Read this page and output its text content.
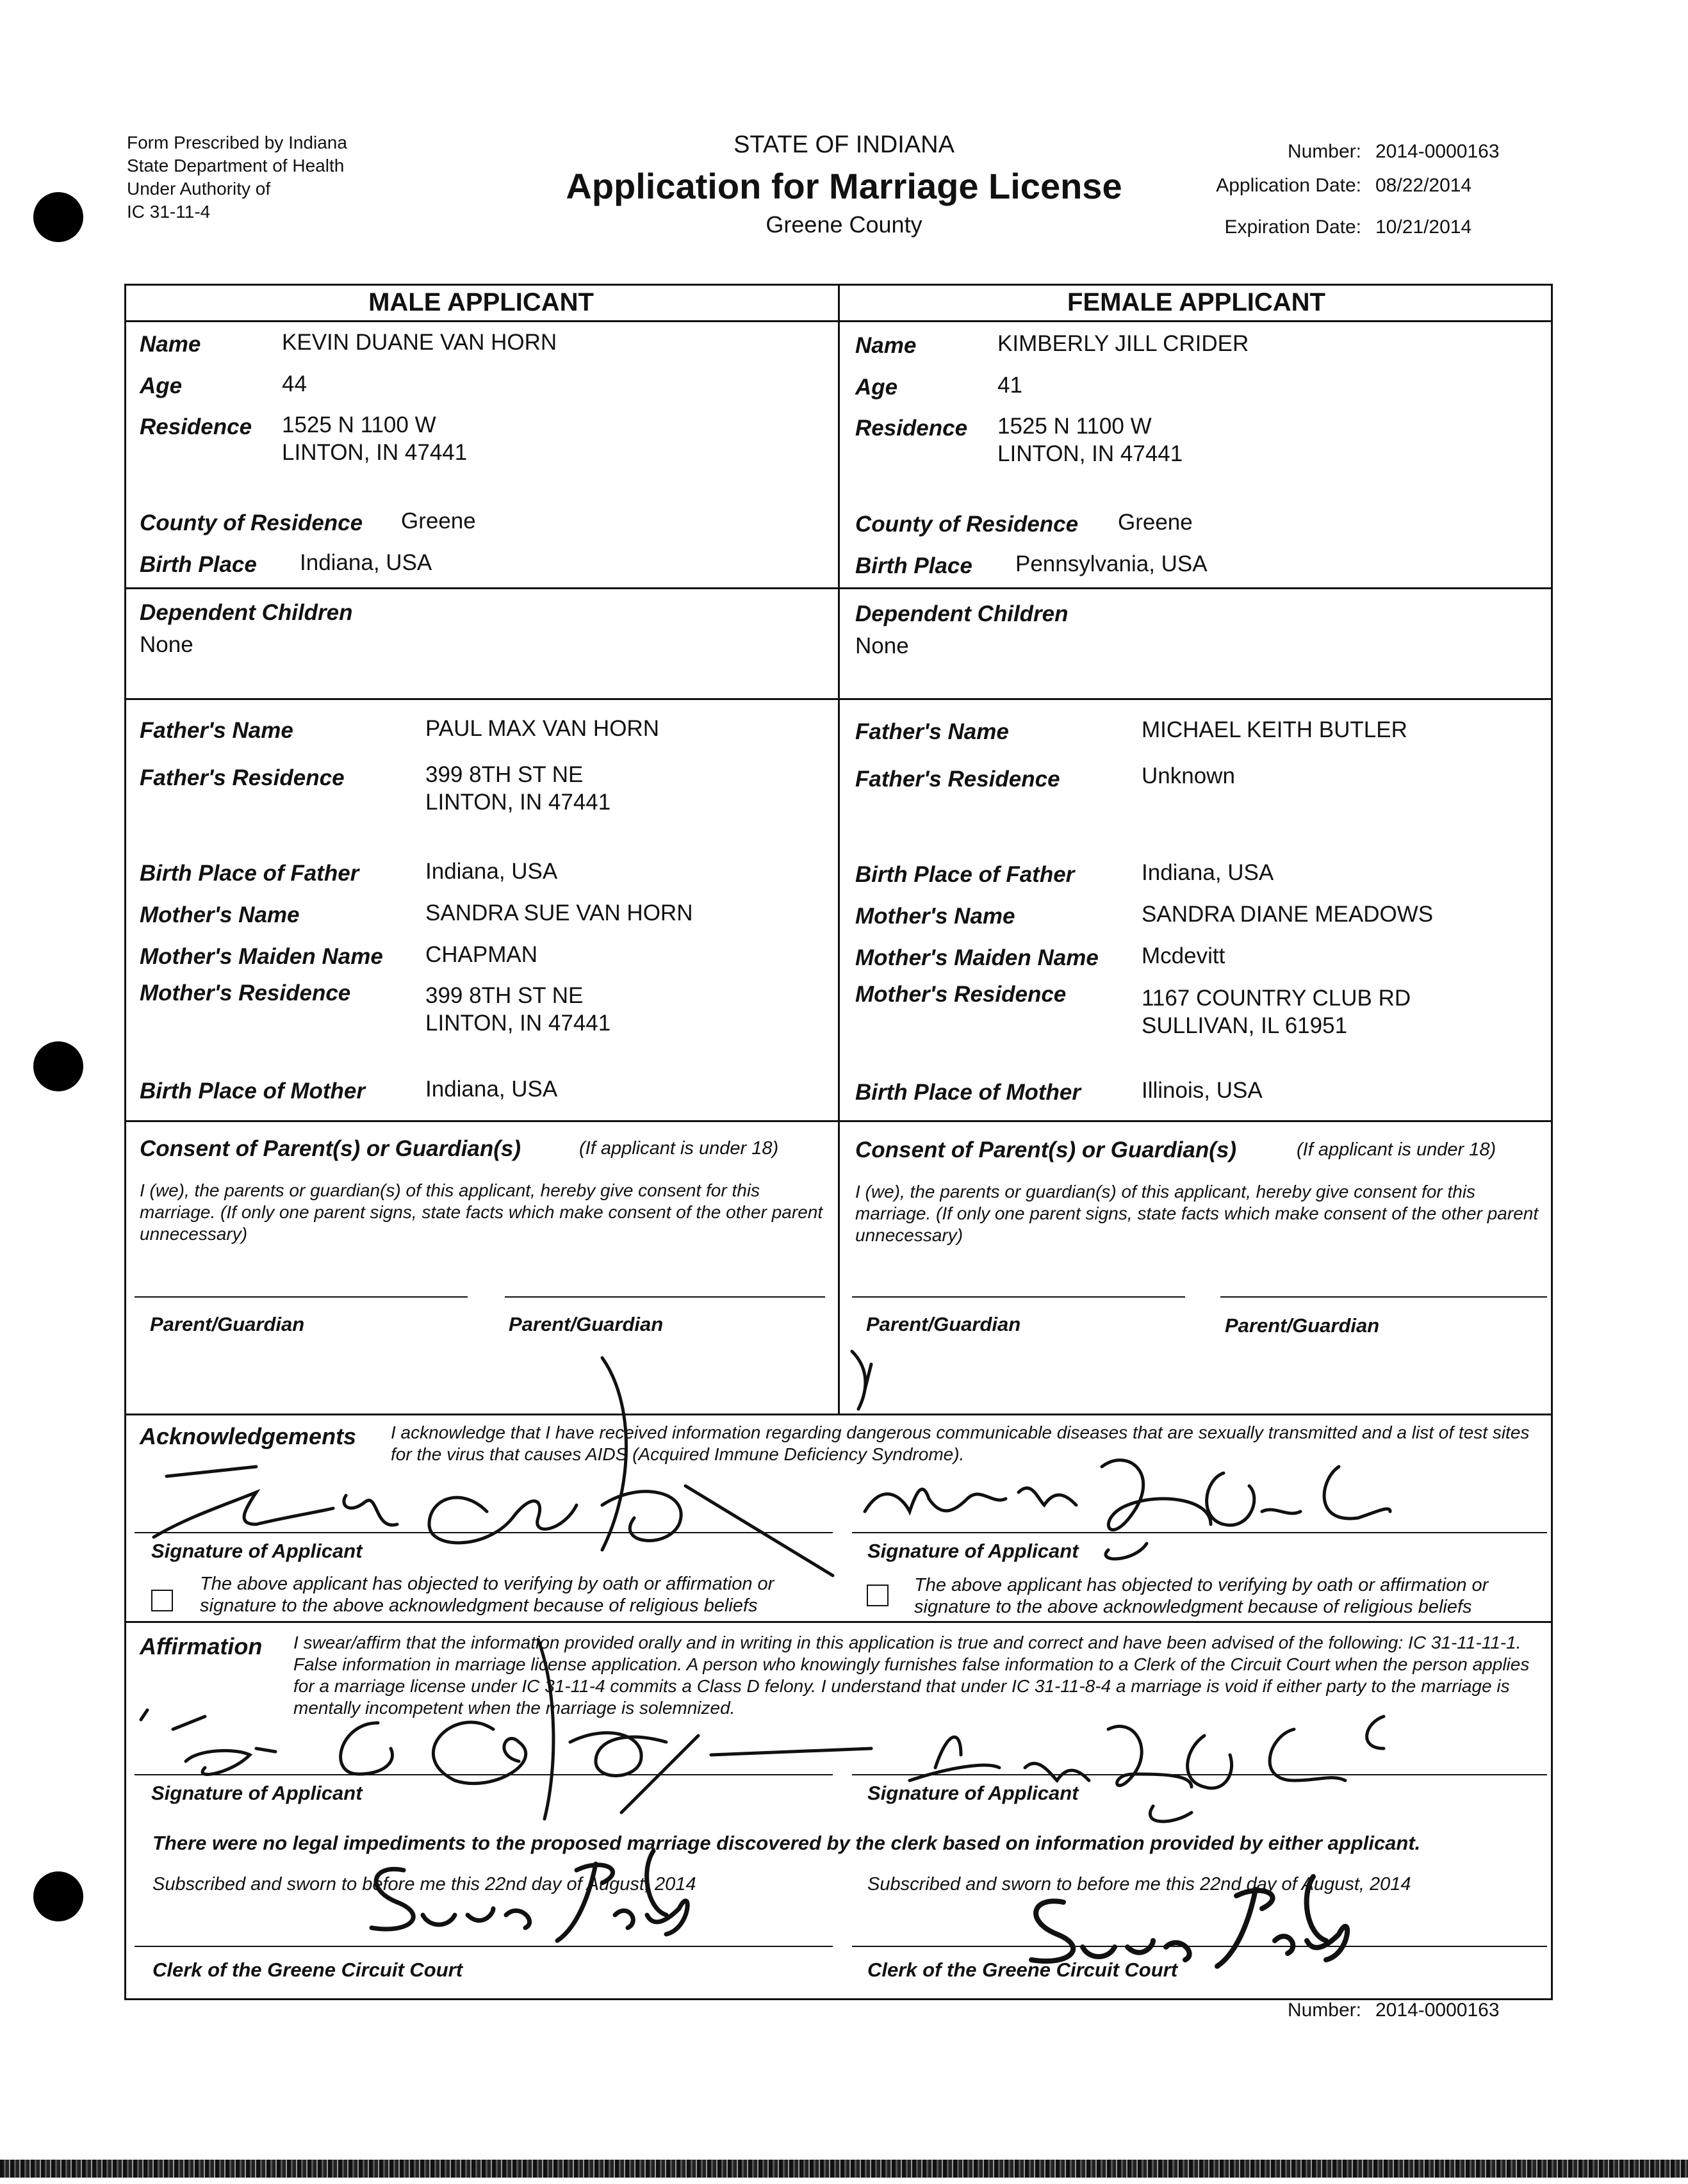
Form Prescribed by Indiana
State Department of Health
Under Authority of
IC 31-11-4
STATE OF INDIANA
Application for Marriage License
Greene County
Number: 2014-0000163
Application Date: 08/22/2014
Expiration Date: 10/21/2014
MALE APPLICANT	FEMALE APPLICANT
Name	KEVIN DUANE VAN HORN
Age	44
Residence 1525 N 1100 W
LINTON, IN 47441
County of Residence Greene
Birth Place Indiana, USA
Dependent Children
None
Father's Name	PAUL MAX VAN HORN
Father's Residence	399 8TH ST NE
LINTON, IN 47441
Birth Place of Father	Indiana, USA
Mother's Name	SANDRA SUE VAN HORN
Mother's Maiden Name CHAPMAN
Mother's Residence	399 8TH ST NE
LINTON, IN 47441
Birth Place of Mother	Indiana, USA
Name	KIMBERLY JILL CRIDER
Age	41
Residence 1525 N 1100 W
LINTON, IN 47441
County of Residence Greene
Birth Place Pennsylvania, USA
Dependent Children
None
Father's Name	MICHAEL KEITH BUTLER
Father's Residence	Unknown
Birth Place of Father	Indiana, USA
Mother's Name	SANDRA DIANE MEADOWS
Mother's Maiden Name Mcdevitt
Mother's Residence	1167 COUNTRY CLUB RD
SULLIVAN, IL 61951
Birth Place of Mother	Illinois, USA
Consent of Parent(s) or Guardian(s)	(If applicant is under 18)
I (we), the parents or guardian(s) of this applicant, hereby give consent for this marriage. (If only one parent signs, state facts which make consent of the other parent unnecessary)
Parent/Guardian	Parent/Guardian
Consent of Parent(s) or Guardian(s)	(If applicant is under 18)
I (we), the parents or guardian(s) of this applicant, hereby give consent for this marriage. (If only one parent signs, state facts which make consent of the other parent unnecessary)
Parent/Guardian	Parent/Guardian
Acknowledgements I acknowledge that I have received information regarding dangerous communicable diseases that are sexually transmitted and a list of test sites for the virus that causes AIDS (Acquired Immune Deficiency Syndrome).
Signature of Applicant	Signature of Applicant
The above applicant has objected to verifying by oath or affirmation or signature to the above acknowledgment because of religious beliefs
The above applicant has objected to verifying by oath or affirmation or signature to the above acknowledgment because of religious beliefs
Affirmation I swear/affirm that the information provided orally and in writing in this application is true and correct and have been advised of the following: IC 31-11-11-1. False information in marriage license application. A person who knowingly furnishes false information to a Clerk of the Circuit Court when the person applies for a marriage license under IC 31-11-4 commits a Class D felony. I understand that under IC 31-11-8-4 a marriage is void if either party to the marriage is mentally incompetent when the marriage is solemnized.
Signature of Applicant	Signature of Applicant
There were no legal impediments to the proposed marriage discovered by the clerk based on information provided by either applicant.
Subscribed and sworn to before me this 22nd day of August, 2014	Subscribed and sworn to before me this 22nd day of August, 2014
Clerk of the Greene Circuit Court	Clerk of the Greene Circuit Court
Number: 2014-0000163
